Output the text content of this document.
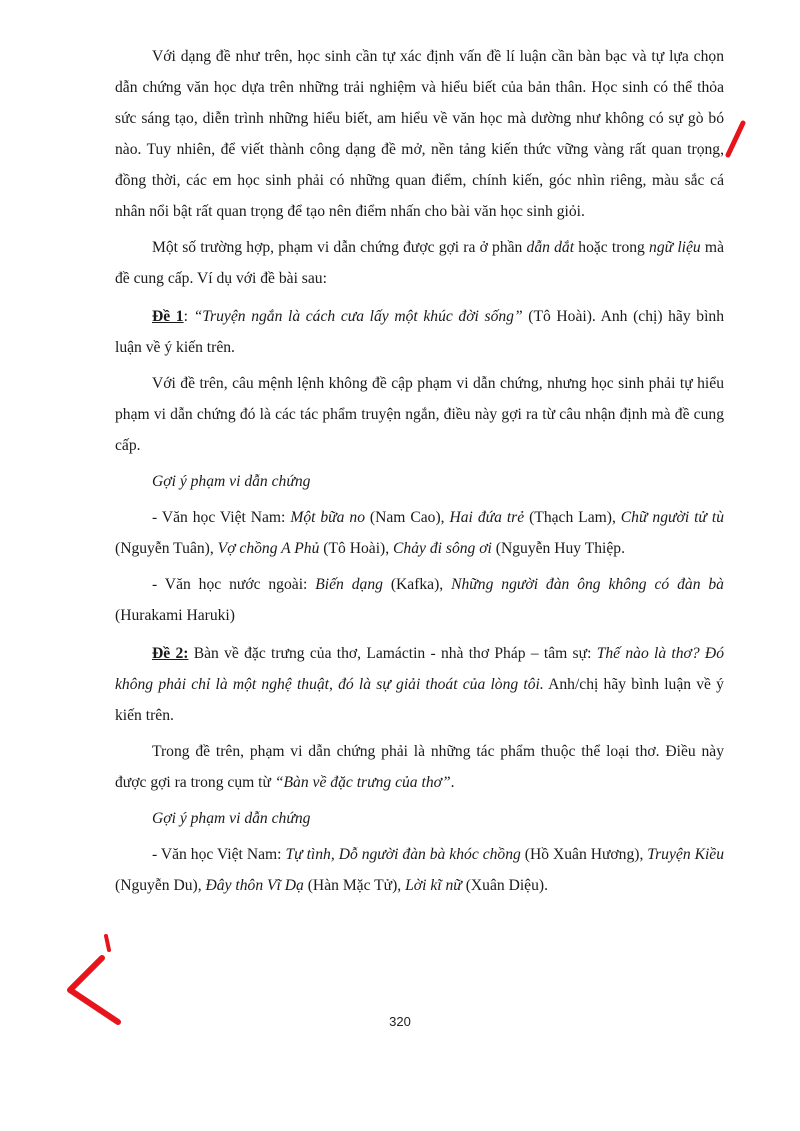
Với dạng đề như trên, học sinh cần tự xác định vấn đề lí luận cần bàn bạc và tự lựa chọn dẫn chứng văn học dựa trên những trải nghiệm và hiểu biết của bản thân. Học sinh có thể thỏa sức sáng tạo, diễn trình những hiểu biết, am hiểu về văn học mà dường như không có sự gò bó nào. Tuy nhiên, để viết thành công dạng đề mở, nền tảng kiến thức vững vàng rất quan trọng, đồng thời, các em học sinh phải có những quan điểm, chính kiến, góc nhìn riêng, màu sắc cá nhân nổi bật rất quan trọng để tạo nên điểm nhấn cho bài văn học sinh giỏi.

Một số trường hợp, phạm vi dẫn chứng được gợi ra ở phần dẫn dắt hoặc trong ngữ liệu mà đề cung cấp. Ví dụ với đề bài sau:

Đề 1: “Truyện ngắn là cách cưa lấy một khúc đời sống” (Tô Hoài). Anh (chị) hãy bình luận về ý kiến trên.

Với đề trên, câu mệnh lệnh không đề cập phạm vi dẫn chứng, nhưng học sinh phải tự hiểu phạm vi dẫn chứng đó là các tác phẩm truyện ngắn, điều này gợi ra từ câu nhận định mà đề cung cấp.

Gợi ý phạm vi dẫn chứng

- Văn học Việt Nam: Một bữa no (Nam Cao), Hai đứa trẻ (Thạch Lam), Chữ người tử tù (Nguyễn Tuân), Vợ chồng A Phủ (Tô Hoài), Chảy đi sông ơi (Nguyễn Huy Thiệp.

- Văn học nước ngoài: Biến dạng (Kafka), Những người đàn ông không có đàn bà (Hurakami Haruki)

Đề 2: Bàn về đặc trưng của thơ, Lamáctin - nhà thơ Pháp – tâm sự: Thế nào là thơ? Đó không phải chỉ là một nghệ thuật, đó là sự giải thoát của lòng tôi. Anh/chị hãy bình luận về ý kiến trên.

Trong đề trên, phạm vi dẫn chứng phải là những tác phẩm thuộc thể loại thơ. Điều này được gợi ra trong cụm từ “Bàn về đặc trưng của thơ”.

Gợi ý phạm vi dẫn chứng

- Văn học Việt Nam: Tự tình, Dỗ người đàn bà khóc chồng (Hồ Xuân Hương), Truyện Kiều (Nguyễn Du), Đây thôn Vĩ Dạ (Hàn Mặc Tử), Lời kĩ nữ (Xuân Diệu).

320
